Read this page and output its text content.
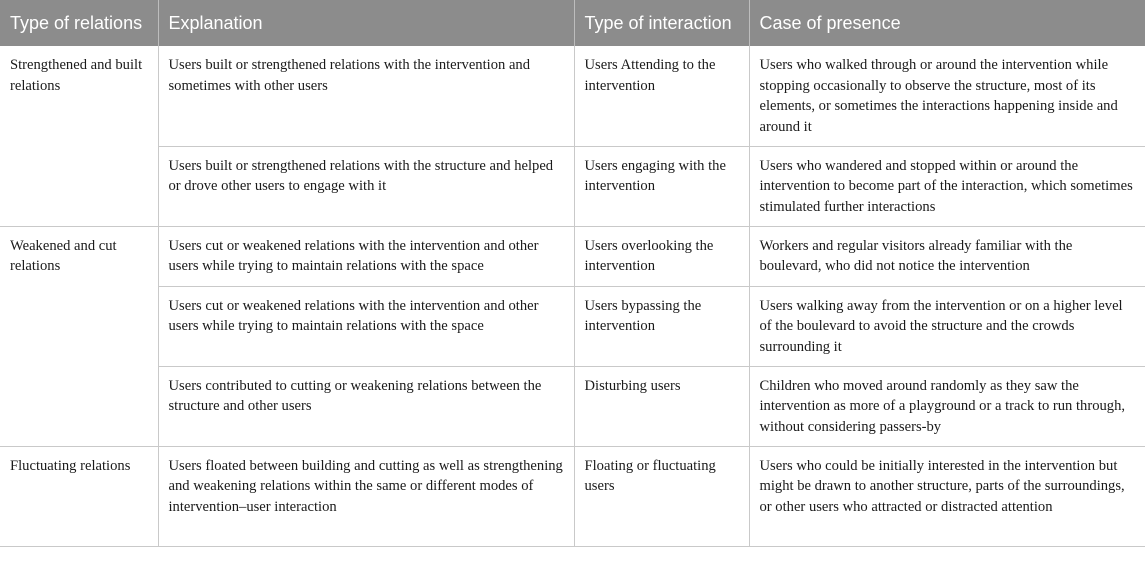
Type of relations	Explanation	Type of interaction	Case of presence
Strengthened and built relations	Users built or strengthened relations with the intervention and sometimes with other users	Users Attending to the intervention	Users who walked through or around the intervention while stopping occasionally to observe the structure, most of its elements, or sometimes the interactions happening inside and around it
	Users built or strengthened relations with the structure and helped or drove other users to engage with it	Users engaging with the intervention	Users who wandered and stopped within or around the intervention to become part of the interaction, which sometimes stimulated further interactions
Weakened and cut relations	Users cut or weakened relations with the intervention and other users while trying to maintain relations with the space	Users overlooking the intervention	Workers and regular visitors already familiar with the boulevard, who did not notice the intervention
	Users cut or weakened relations with the intervention and other users while trying to maintain relations with the space	Users bypassing the intervention	Users walking away from the intervention or on a higher level of the boulevard to avoid the structure and the crowds surrounding it
	Users contributed to cutting or weakening relations between the structure and other users	Disturbing users	Children who moved around randomly as they saw the intervention as more of a playground or a track to run through, without considering passers-by
Fluctuating relations	Users floated between building and cutting as well as strengthening and weakening relations within the same or different modes of intervention–user interaction	Floating or fluctuating users	Users who could be initially interested in the intervention but might be drawn to another structure, parts of the surroundings, or other users who attracted or distracted attention
